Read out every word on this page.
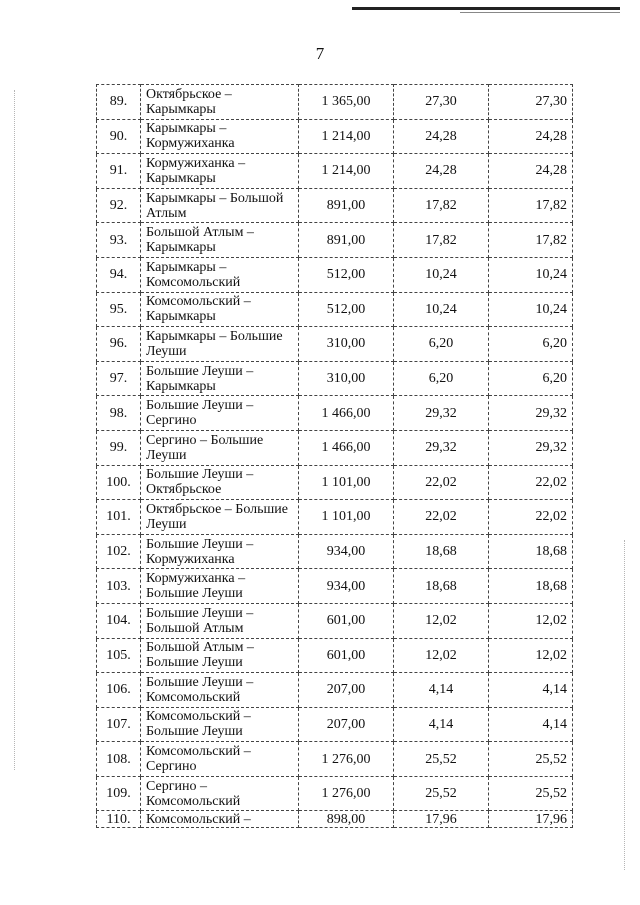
7
89.	Октябрьское – Карымкары	1 365,00	27,30	27,30
90.	Карымкары – Кормужиханка	1 214,00	24,28	24,28
91.	Кормужиханка – Карымкары	1 214,00	24,28	24,28
92.	Карымкары – Большой Атлым	891,00	17,82	17,82
93.	Большой Атлым – Карымкары	891,00	17,82	17,82
94.	Карымкары – Комсомольский	512,00	10,24	10,24
95.	Комсомольский – Карымкары	512,00	10,24	10,24
96.	Карымкары – Большие Леуши	310,00	6,20	6,20
97.	Большие Леуши – Карымкары	310,00	6,20	6,20
98.	Большие Леуши – Сергино	1 466,00	29,32	29,32
99.	Сергино – Большие Леуши	1 466,00	29,32	29,32
100.	Большие Леуши – Октябрьское	1 101,00	22,02	22,02
101.	Октябрьское – Большие Леуши	1 101,00	22,02	22,02
102.	Большие Леуши – Кормужиханка	934,00	18,68	18,68
103.	Кормужиханка – Большие Леуши	934,00	18,68	18,68
104.	Большие Леуши – Большой Атлым	601,00	12,02	12,02
105.	Большой Атлым – Большие Леуши	601,00	12,02	12,02
106.	Большие Леуши – Комсомольский	207,00	4,14	4,14
107.	Комсомольский – Большие Леуши	207,00	4,14	4,14
108.	Комсомольский – Сергино	1 276,00	25,52	25,52
109.	Сергино – Комсомольский	1 276,00	25,52	25,52
110.	Комсомольский –	898,00	17,96	17,96
